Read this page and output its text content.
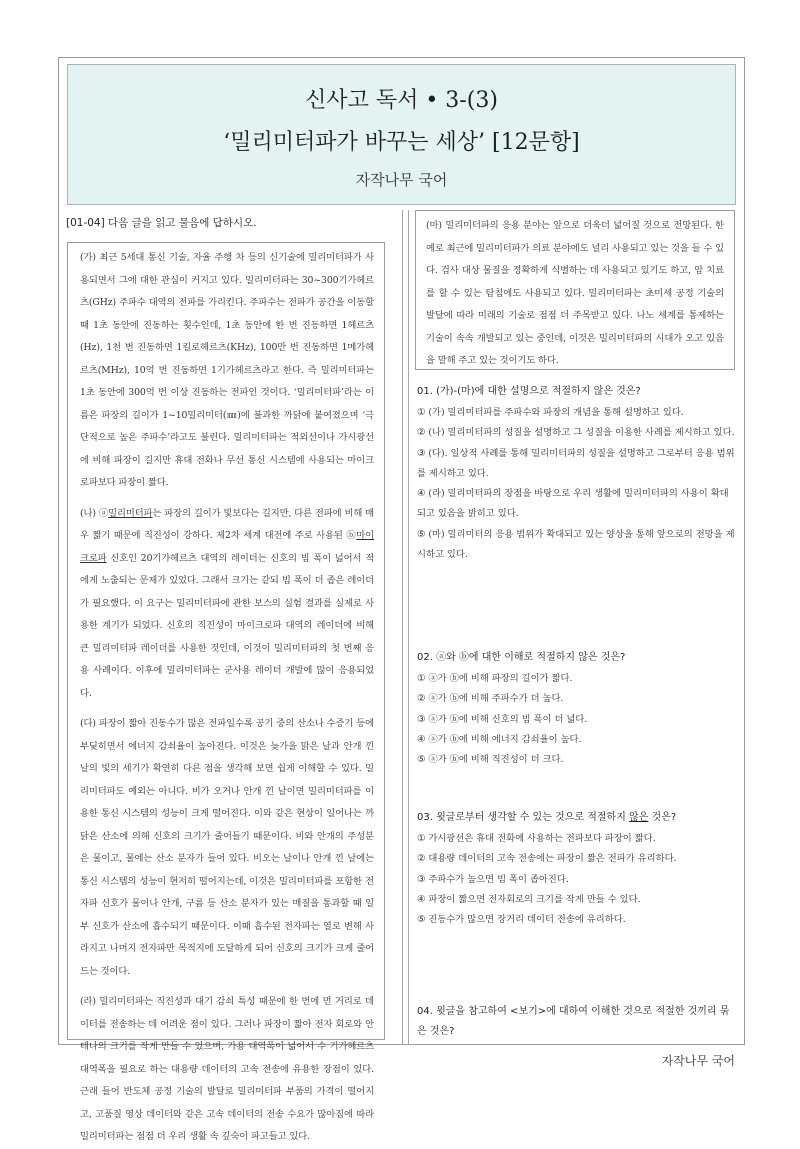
신사고 독서 • 3-(3)
‘밀리미터파가 바꾸는 세상’ [12문항]
자작나무 국어
[01-04] 다음 글을 읽고 물음에 답하시오.

(가) 최근 5세대 통신 기술, 자율 주행 차 등의 신기술에 밀리미터파가 사용되면서 그에 대한 관심이 커지고 있다. 밀리미터파는 30~300기가헤르츠(GHz) 주파수 대역의 전파를 가리킨다. 주파수는 전파가 공간을 이동할 때 1초 동안에 진동하는 횟수인데, 1초 동안에 한 번 진동하면 1헤르츠(Hz), 1천 번 진동하면 1킬로헤르츠(KHz), 100만 번 진동하면 1메가헤르츠(MHz), 10억 번 진동하면 1기가헤르츠라고 한다. 즉 밀리미터파는 1초 동안에 300억 번 이상 진동하는 전파인 것이다. ‘밀리미터파’라는 이름은 파장의 길이가 1~10밀리미터(㎜)에 불과한 까닭에 붙여졌으며 ‘극단적으로 높은 주파수’라고도 불린다. 밀리미터파는 적외선이나 가시광선에 비해 파장이 길지만 휴대 전화나 무선 통신 시스템에 사용되는 마이크로파보다 파장이 짧다.

(나) ⓐ밀리미터파는 파장의 길이가 빛보다는 길지만, 다른 전파에 비해 매우 짧기 때문에 직진성이 강하다. 제2차 세계 대전에 주로 사용된 ⓑ마이크로파 신호인 20기가헤르츠 대역의 레이더는 신호의 빔 폭이 넓어서 적에게 노출되는 문제가 있었다. 그래서 크기는 같되 빔 폭이 더 좁은 레이더가 필요했다. 이 요구는 밀리미터파에 관한 보스의 실험 결과를 실제로 사용한 계기가 되었다. 신호의 직진성이 마이크로파 대역의 레이더에 비해 큰 밀리미터파 레이더를 사용한 것인데, 이것이 밀리미터파의 첫 번째 응용 사례이다. 이후에 밀리미터파는 군사용 레이더 개발에 많이 응용되었다.

(다) 파장이 짧아 진동수가 많은 전파일수록 공기 중의 산소나 수증기 등에 부딪히면서 에너지 감쇠율이 높아진다. 이것은 늦가을 맑은 날과 안개 낀 날의 빛의 세기가 확연히 다른 점을 생각해 보면 쉽게 이해할 수 있다. 밀리미터파도 예외는 아니다. 비가 오거나 안개 낀 날이면 밀리미터파를 이용한 통신 시스템의 성능이 크게 떨어진다. 이와 같은 현상이 일어나는 까닭은 산소에 의해 신호의 크기가 줄어들기 때문이다. 비와 안개의 주성분은 물이고, 물에는 산소 분자가 들어 있다. 비오는 날이나 안개 낀 날에는 통신 시스템의 성능이 현저히 떨어지는데, 이것은 밀리미터파를 포함한 전자파 신호가 물이나 안개, 구름 등 산소 분자가 있는 매질을 통과할 때 일부 신호가 산소에 흡수되기 때문이다. 이때 흡수된 전자파는 열로 변해 사라지고 나머지 전자파만 목적지에 도달하게 되어 신호의 크기가 크게 줄어드는 것이다.

(라) 밀리미터파는 직진성과 대기 감쇠 특성 때문에 한 번에 먼 거리로 데이터를 전송하는 데 어려운 점이 있다. 그러나 파장이 짧아 전자 회로와 안테나의 크기를 작게 만들 수 있으며, 가용 대역폭이 넓어서 수 기가헤르츠 대역폭을 필요로 하는 대용량 데이터의 고속 전송에 유용한 장점이 있다. 근래 들어 반도체 공정 기술의 발달로 밀리미터파 부품의 가격이 떨어지고, 고품질 영상 데이터와 같은 고속 데이터의 전송 수요가 많아짐에 따라 밀리미터파는 점점 더 우리 생활 속 깊숙이 파고들고 있다.

(마) 밀리미터파의 응용 분야는 앞으로 더욱더 넓어질 것으로 전망된다. 한 예로 최근에 밀리미터파가 의료 분야에도 널리 사용되고 있는 것을 들 수 있다. 검사 대상 물질을 정확하게 식별하는 데 사용되고 있기도 하고, 암 치료를 할 수 있는 탐침에도 사용되고 있다. 밀리미터파는 초미세 공정 기술의 발달에 따라 미래의 기술로 점점 더 주목받고 있다. 나노 세계를 통제하는 기술이 속속 개발되고 있는 중인데, 이것은 밀리미터파의 시대가 오고 있음을 말해 주고 있는 것이기도 하다.

01. (가)-(마)에 대한 설명으로 적절하지 않은 것은?
① (가) 밀리미터파를 주파수와 파장의 개념을 통해 설명하고 있다.
② (나) 밀리미터파의 성질을 설명하고 그 성질을 이용한 사례를 제시하고 있다.
③ (다). 일상적 사례를 통해 밀리미터파의 성질을 설명하고 그로부터 응용 범위를 제시하고 있다.
④ (라) 밀리미터파의 장점을 바탕으로 우리 생활에 밀리미터파의 사용이 확대되고 있음을 밝히고 있다.
⑤ (마) 밀리미터의 응용 범위가 확대되고 있는 양상을 통해 앞으로의 전망을 제시하고 있다.
02. ⓐ와 ⓑ에 대한 이해로 적절하지 않은 것은?
① ⓐ가 ⓑ에 비해 파장의 길이가 짧다.
② ⓐ가 ⓑ에 비해 주파수가 더 높다.
③ ⓐ가 ⓑ에 비해 신호의 빔 폭이 더 넓다.
④ ⓐ가 ⓑ에 비해 에너지 감쇠율이 높다.
⑤ ⓐ가 ⓑ에 비해 직진성이 더 크다.
03. 윗글로부터 생각할 수 있는 것으로 적절하지 않은 것은?
① 가시광선은 휴대 전화에 사용하는 전파보다 파장이 짧다.
② 대용량 데이터의 고속 전송에는 파장이 짧은 전파가 유리하다.
③ 주파수가 높으면 빔 폭이 좁아진다.
④ 파장이 짧으면 전자회로의 크기를 작게 만들 수 있다.
⑤ 진동수가 많으면 장거리 데이터 전송에 유리하다.
04. 윗글을 참고하여 <보기>에 대하여 이해한 것으로 적절한 것끼리 묶은 것은?
자작나무 국어
